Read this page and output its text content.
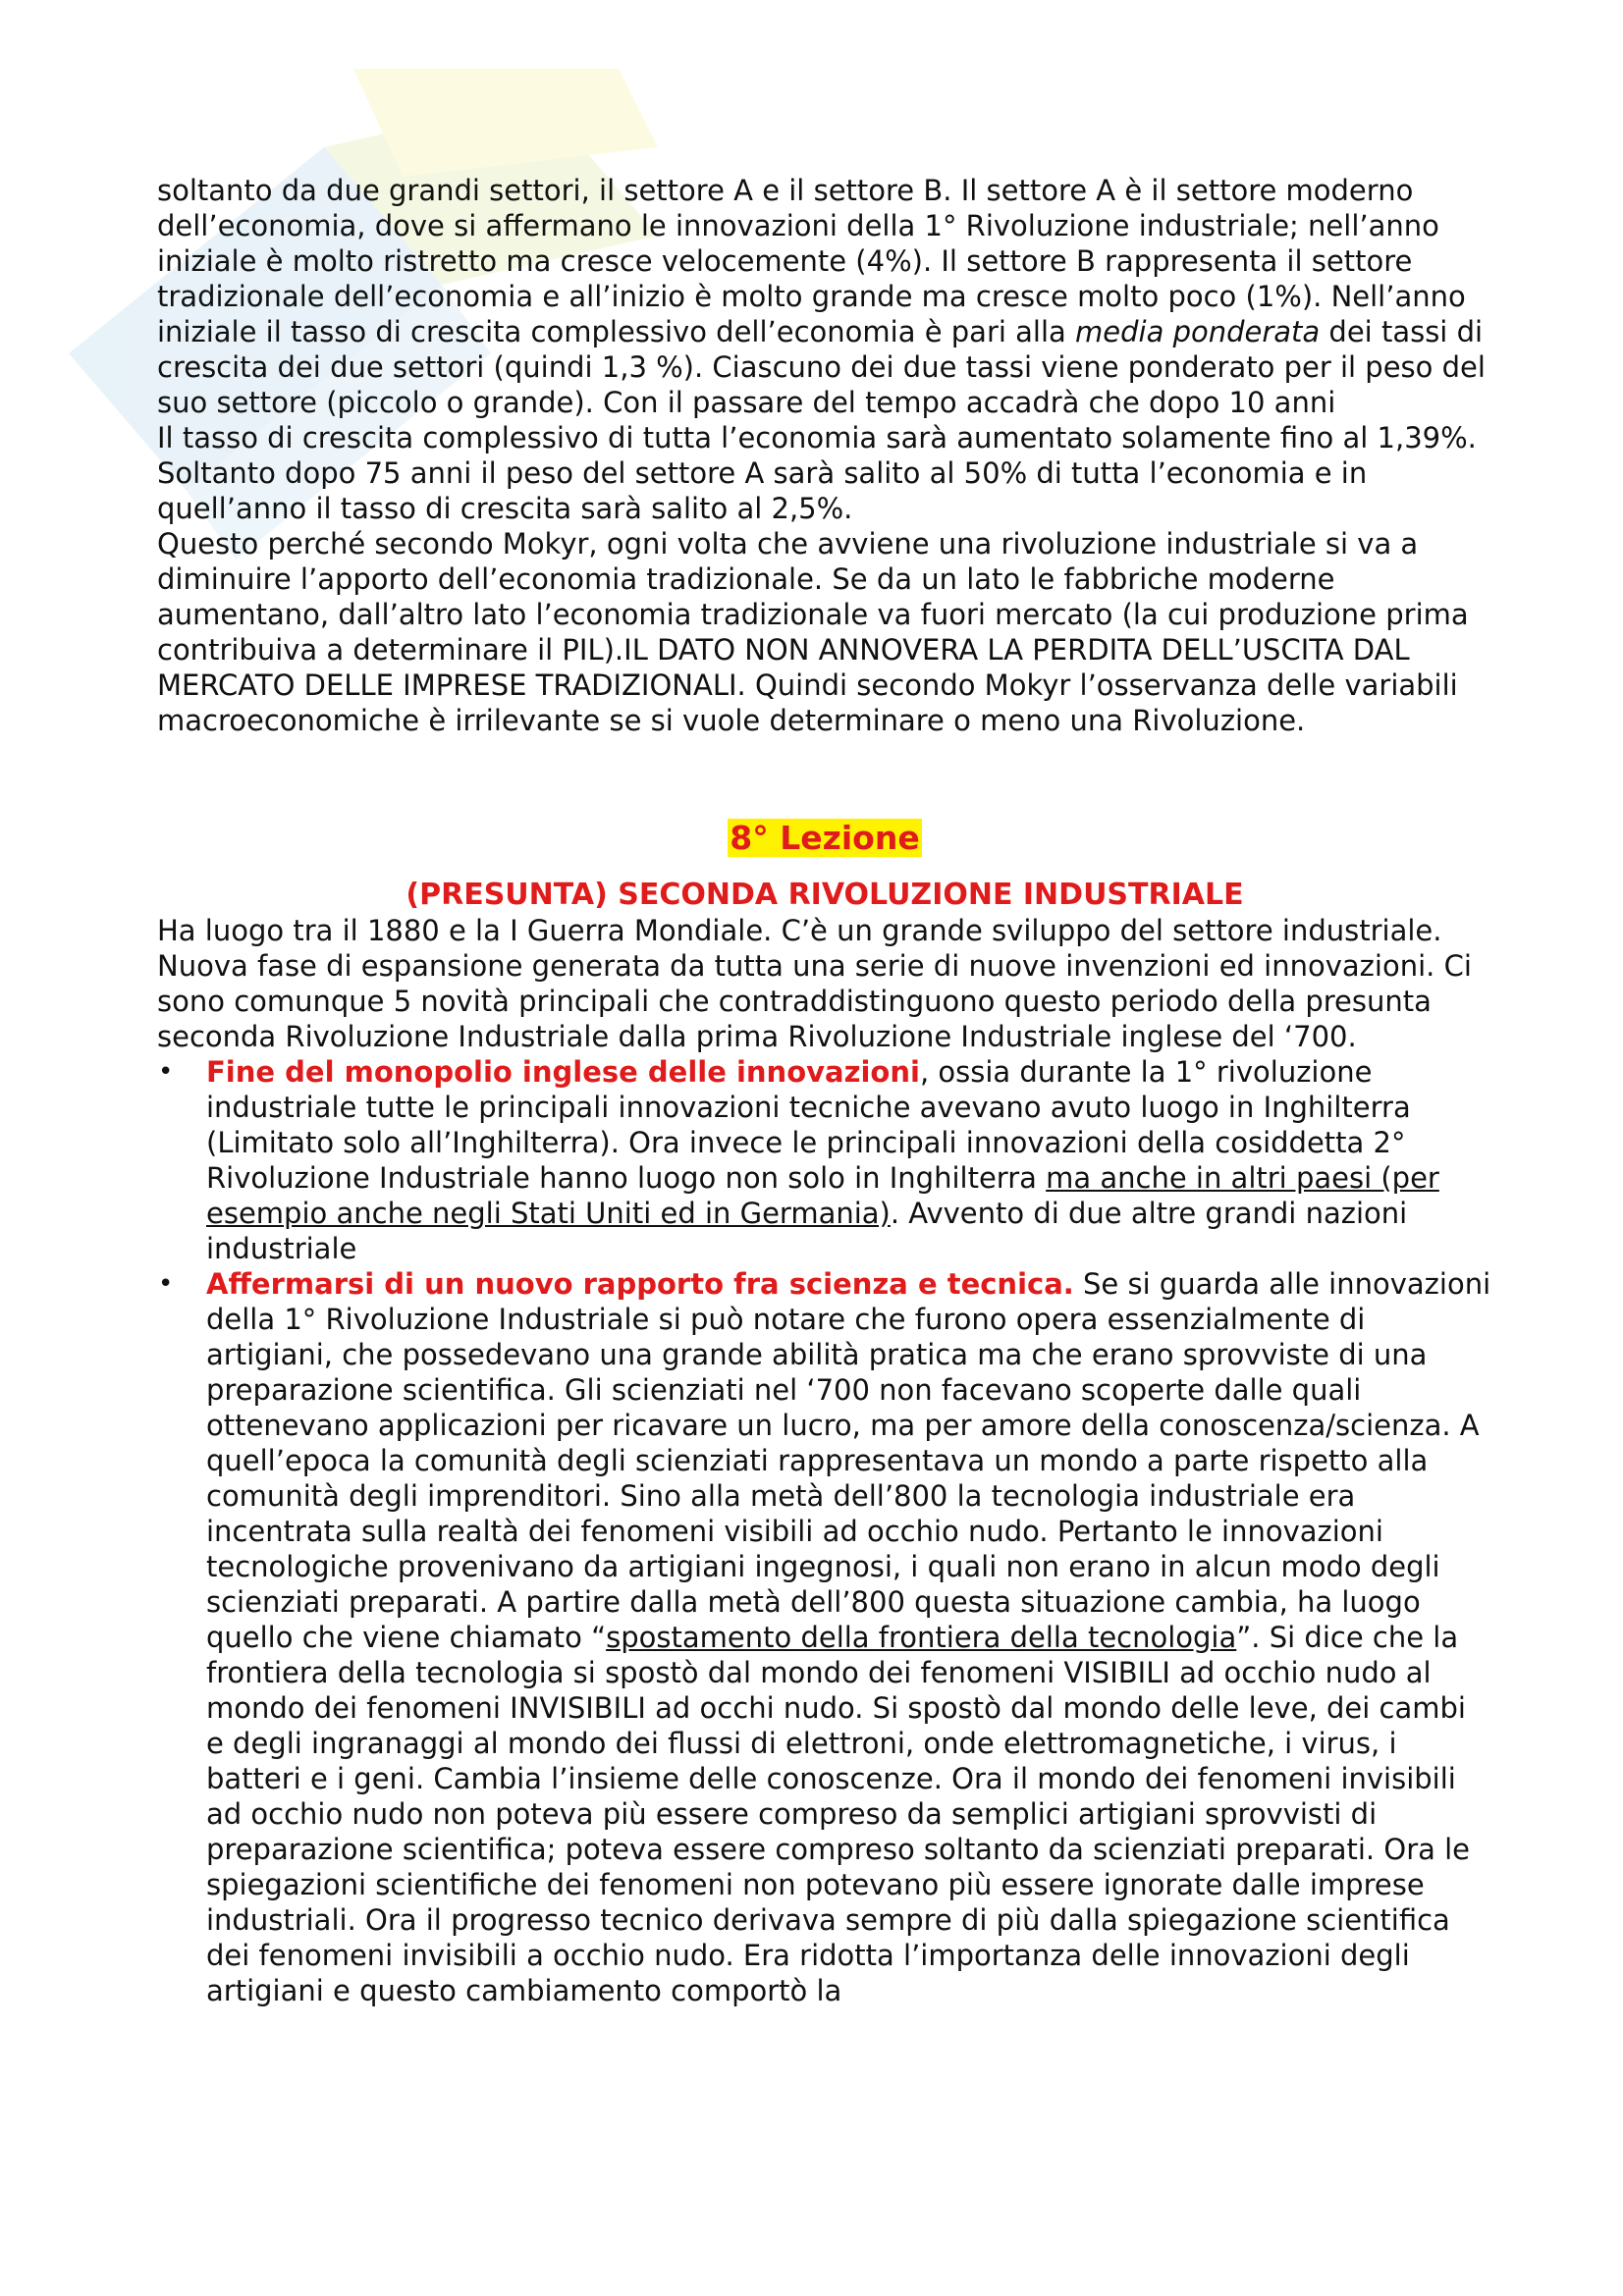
soltanto da due grandi settori, il settore A e il settore B. Il settore A è il settore moderno dell’economia, dove si affermano le innovazioni della 1° Rivoluzione industriale; nell’anno iniziale è molto ristretto ma cresce velocemente (4%). Il settore B rappresenta il settore tradizionale dell’economia e all’inizio è molto grande ma cresce molto poco (1%). Nell’anno iniziale il tasso di crescita complessivo dell’economia è pari alla media ponderata dei tassi di crescita dei due settori (quindi 1,3 %). Ciascuno dei due tassi viene ponderato per il peso del suo settore (piccolo o grande). Con il passare del tempo accadrà che dopo 10 anni

Il tasso di crescita complessivo di tutta l’economia sarà aumentato solamente fino al 1,39%. Soltanto dopo 75 anni il peso del settore A sarà salito al 50% di tutta l’economia e in quell’anno il tasso di crescita sarà salito al 2,5%.

Questo perché secondo Mokyr, ogni volta che avviene una rivoluzione industriale si va a diminuire l’apporto dell’economia tradizionale. Se da un lato le fabbriche moderne aumentano, dall’altro lato l’economia tradizionale va fuori mercato (la cui produzione prima contribuiva a determinare il PIL).IL DATO NON ANNOVERA LA PERDITA DELL’USCITA DAL MERCATO DELLE IMPRESE TRADIZIONALI. Quindi secondo Mokyr l’osservanza delle variabili macroeconomiche è irrilevante se si vuole determinare o meno una Rivoluzione.

8° Lezione
(PRESUNTA) SECONDA RIVOLUZIONE INDUSTRIALE

Ha luogo tra il 1880 e la I Guerra Mondiale. C’è un grande sviluppo del settore industriale. Nuova fase di espansione generata da tutta una serie di nuove invenzioni ed innovazioni. Ci sono comunque 5 novità principali che contraddistinguono questo periodo della presunta seconda Rivoluzione Industriale dalla prima Rivoluzione Industriale inglese del ‘700.

• Fine del monopolio inglese delle innovazioni, ossia durante la 1° rivoluzione industriale tutte le principali innovazioni tecniche avevano avuto luogo in Inghilterra (Limitato solo all’Inghilterra). Ora invece le principali innovazioni della cosiddetta 2° Rivoluzione Industriale hanno luogo non solo in Inghilterra ma anche in altri paesi (per esempio anche negli Stati Uniti ed in Germania). Avvento di due altre grandi nazioni industriale
• Affermarsi di un nuovo rapporto fra scienza e tecnica. Se si guarda alle innovazioni della 1° Rivoluzione Industriale si può notare che furono opera essenzialmente di artigiani, che possedevano una grande abilità pratica ma che erano sprovviste di una preparazione scientifica. Gli scienziati nel ‘700 non facevano scoperte dalle quali ottenevano applicazioni per ricavare un lucro, ma per amore della conoscenza/scienza. A quell’epoca la comunità degli scienziati rappresentava un mondo a parte rispetto alla comunità degli imprenditori. Sino alla metà dell’800 la tecnologia industriale era incentrata sulla realtà dei fenomeni visibili ad occhio nudo. Pertanto le innovazioni tecnologiche provenivano da artigiani ingegnosi, i quali non erano in alcun modo degli scienziati preparati. A partire dalla metà dell’800 questa situazione cambia, ha luogo quello che viene chiamato “spostamento della frontiera della tecnologia”. Si dice che la frontiera della tecnologia si spostò dal mondo dei fenomeni VISIBILI ad occhio nudo al mondo dei fenomeni INVISIBILI ad occhi nudo. Si spostò dal mondo delle leve, dei cambi e degli ingranaggi al mondo dei flussi di elettroni, onde elettromagnetiche, i virus, i batteri e i geni. Cambia l’insieme delle conoscenze. Ora il mondo dei fenomeni invisibili ad occhio nudo non poteva più essere compreso da semplici artigiani sprovvisti di preparazione scientifica; poteva essere compreso soltanto da scienziati preparati. Ora le spiegazioni scientifiche dei fenomeni non potevano più essere ignorate dalle imprese industriali. Ora il progresso tecnico derivava sempre di più dalla spiegazione scientifica dei fenomeni invisibili a occhio nudo. Era ridotta l’importanza delle innovazioni degli artigiani e questo cambiamento comportò la
